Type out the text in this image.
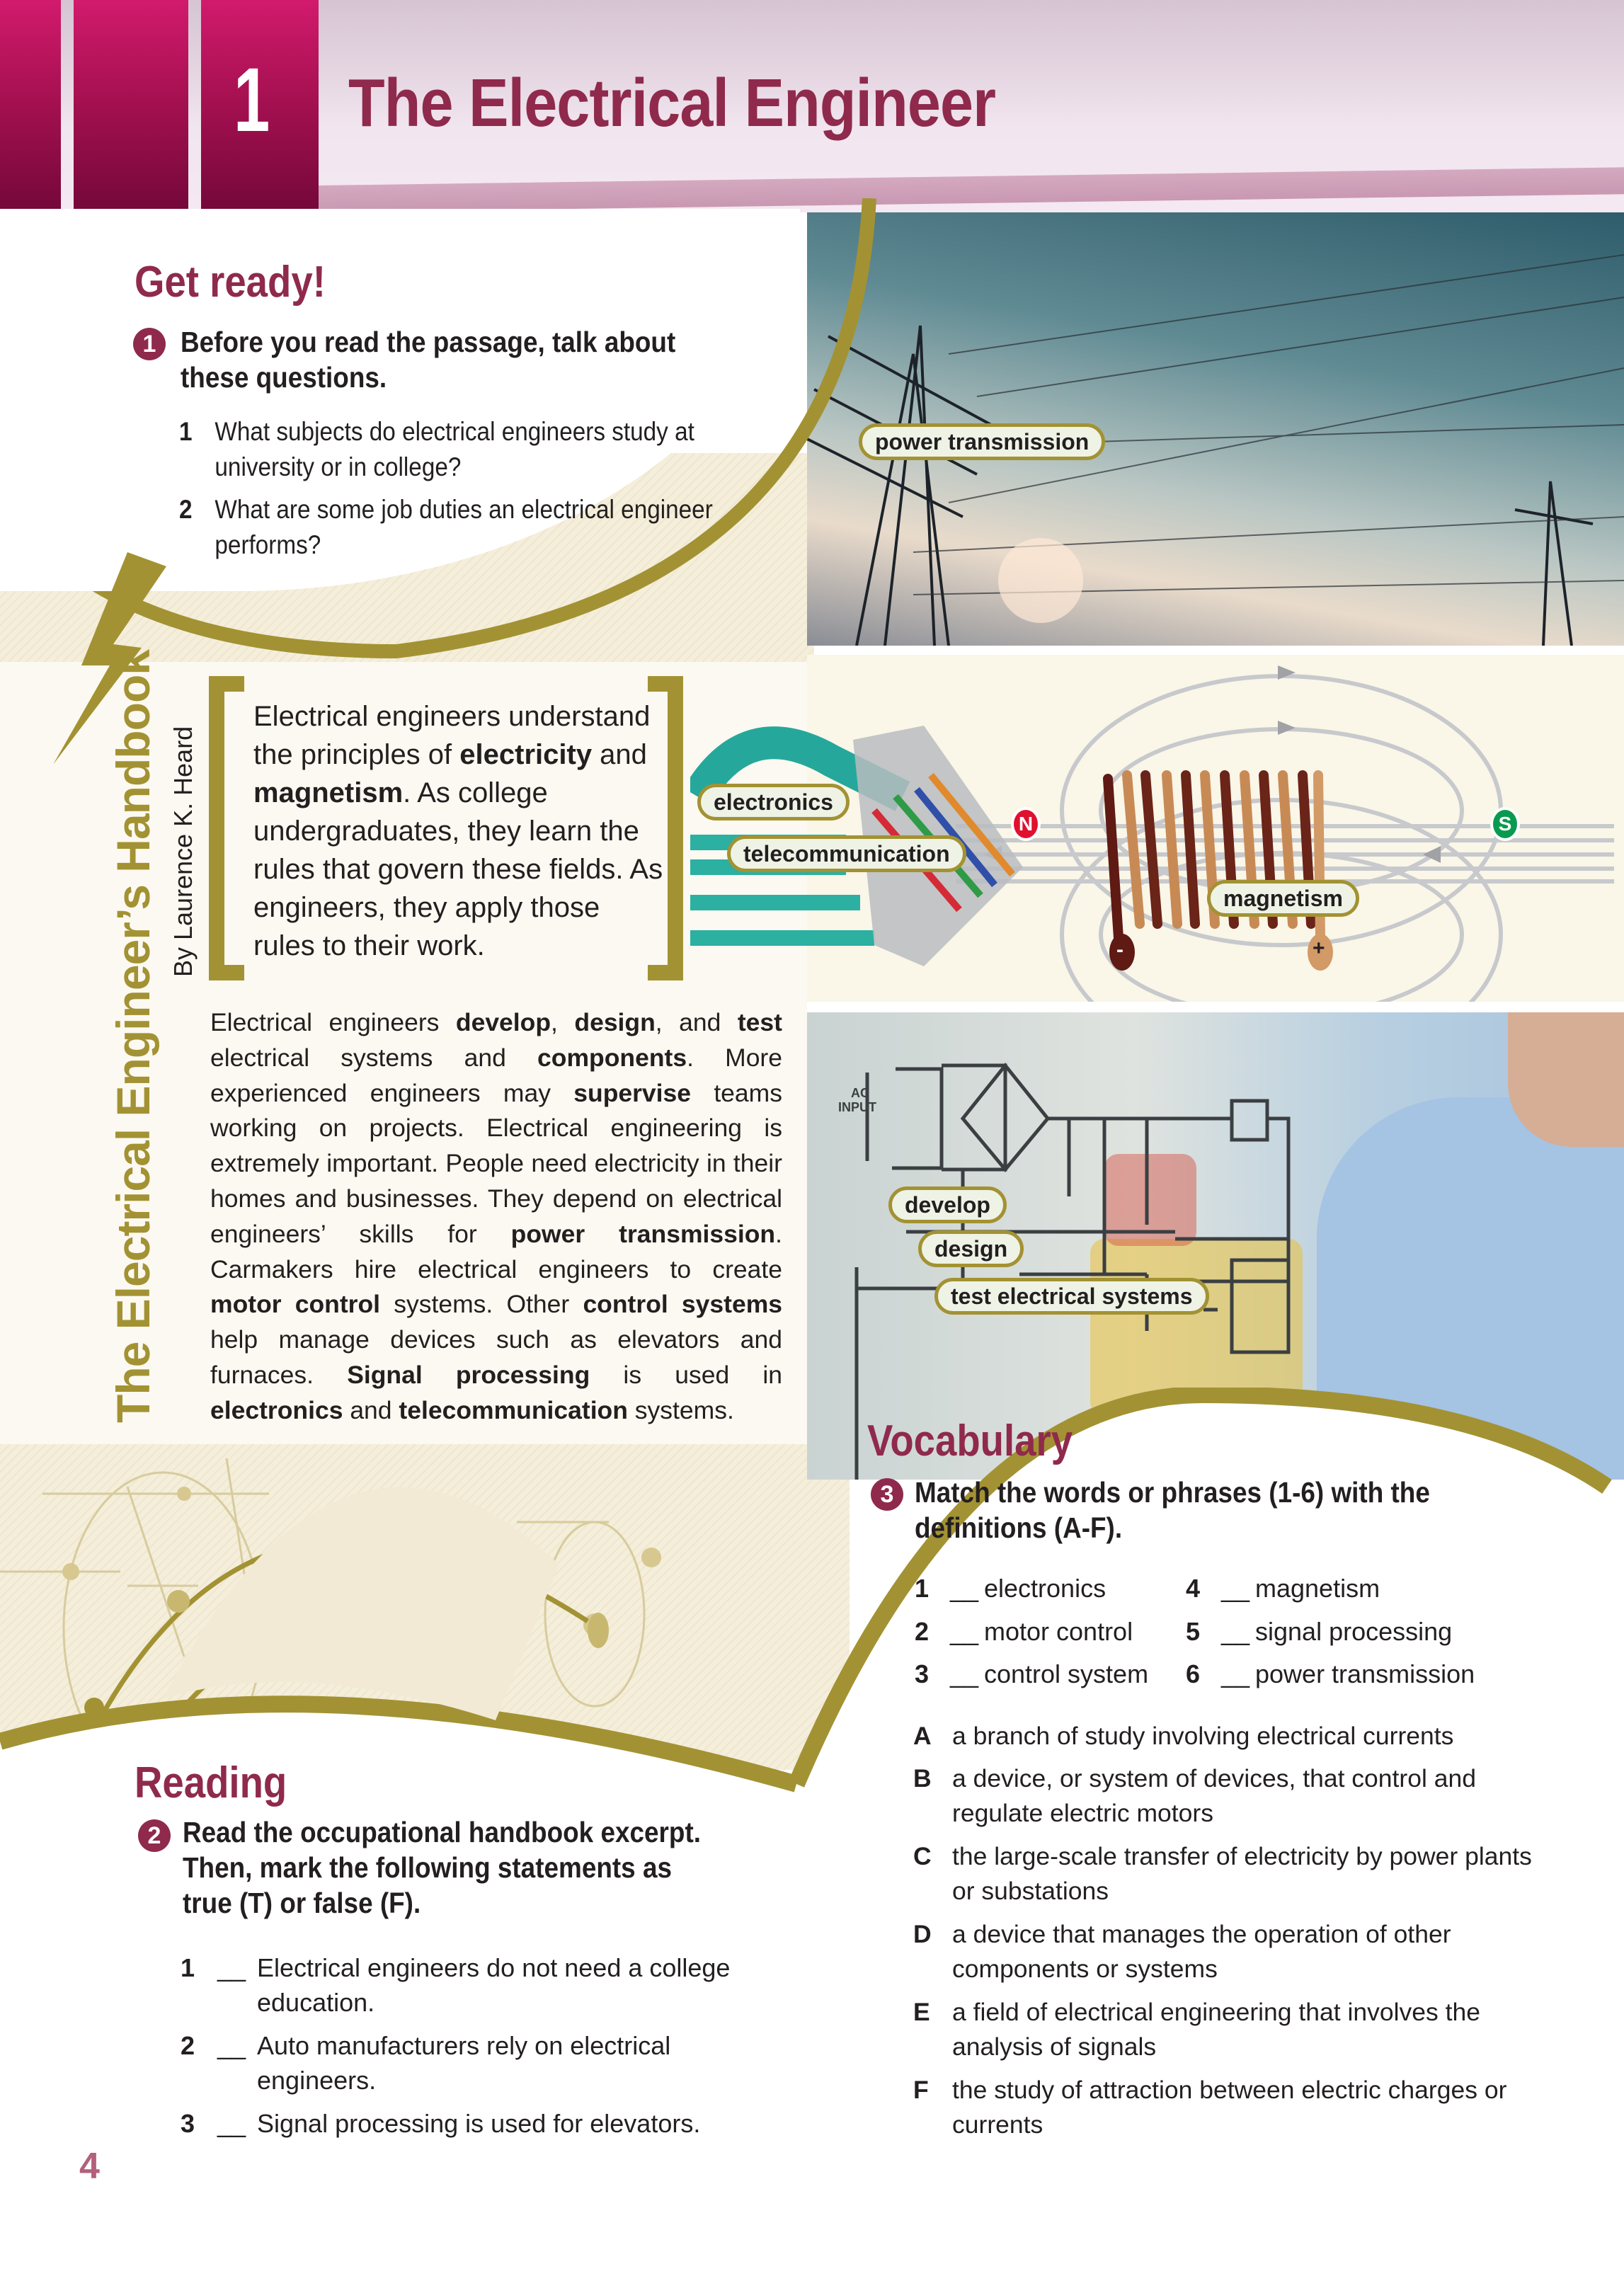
1 The Electrical Engineer
power transmission
Get ready!
1 Before you read the passage, talk about these questions.
1 What subjects do electrical engineers study at university or in college?
2 What are some job duties an electrical engineer performs?
N	S
-	+
electronics
telecommunication
magnetism
AC
INPUT
develop
design
test electrical systems
The Electrical Engineer’s Handbook By Laurence K. Heard
Electrical engineers understand the principles of electricity and magnetism. As college undergraduates, they learn the rules that govern these fields. As engineers, they apply those rules to their work.
Electrical engineers develop, design, and test electrical systems and components. More experienced engineers may supervise teams working on projects. Electrical engineering is extremely important. People need electricity in their homes and businesses. They depend on electrical engineers’ skills for power transmission. Carmakers hire electrical engineers to create motor control systems. Other control systems help manage devices such as elevators and furnaces. Signal processing is used in electronics and telecommunication systems.
Vocabulary
3 Match the words or phrases (1-6) with the definitions (A-F).
1 __ electronics
2 __ motor control
3 __ control system
4 __ magnetism
5 __ signal processing
6 __ power transmission
A a branch of study involving electrical currents
B a device, or system of devices, that control and regulate electric motors
C the large-scale transfer of electricity by power plants or substations
D a device that manages the operation of other components or systems
E a field of electrical engineering that involves the analysis of signals
F the study of attraction between electric charges or currents
Reading
2 Read the occupational handbook excerpt. Then, mark the following statements as true (T) or false (F).
1 __ Electrical engineers do not need a college education.
2 __ Auto manufacturers rely on electrical engineers.
3 __ Signal processing is used for elevators.
4
